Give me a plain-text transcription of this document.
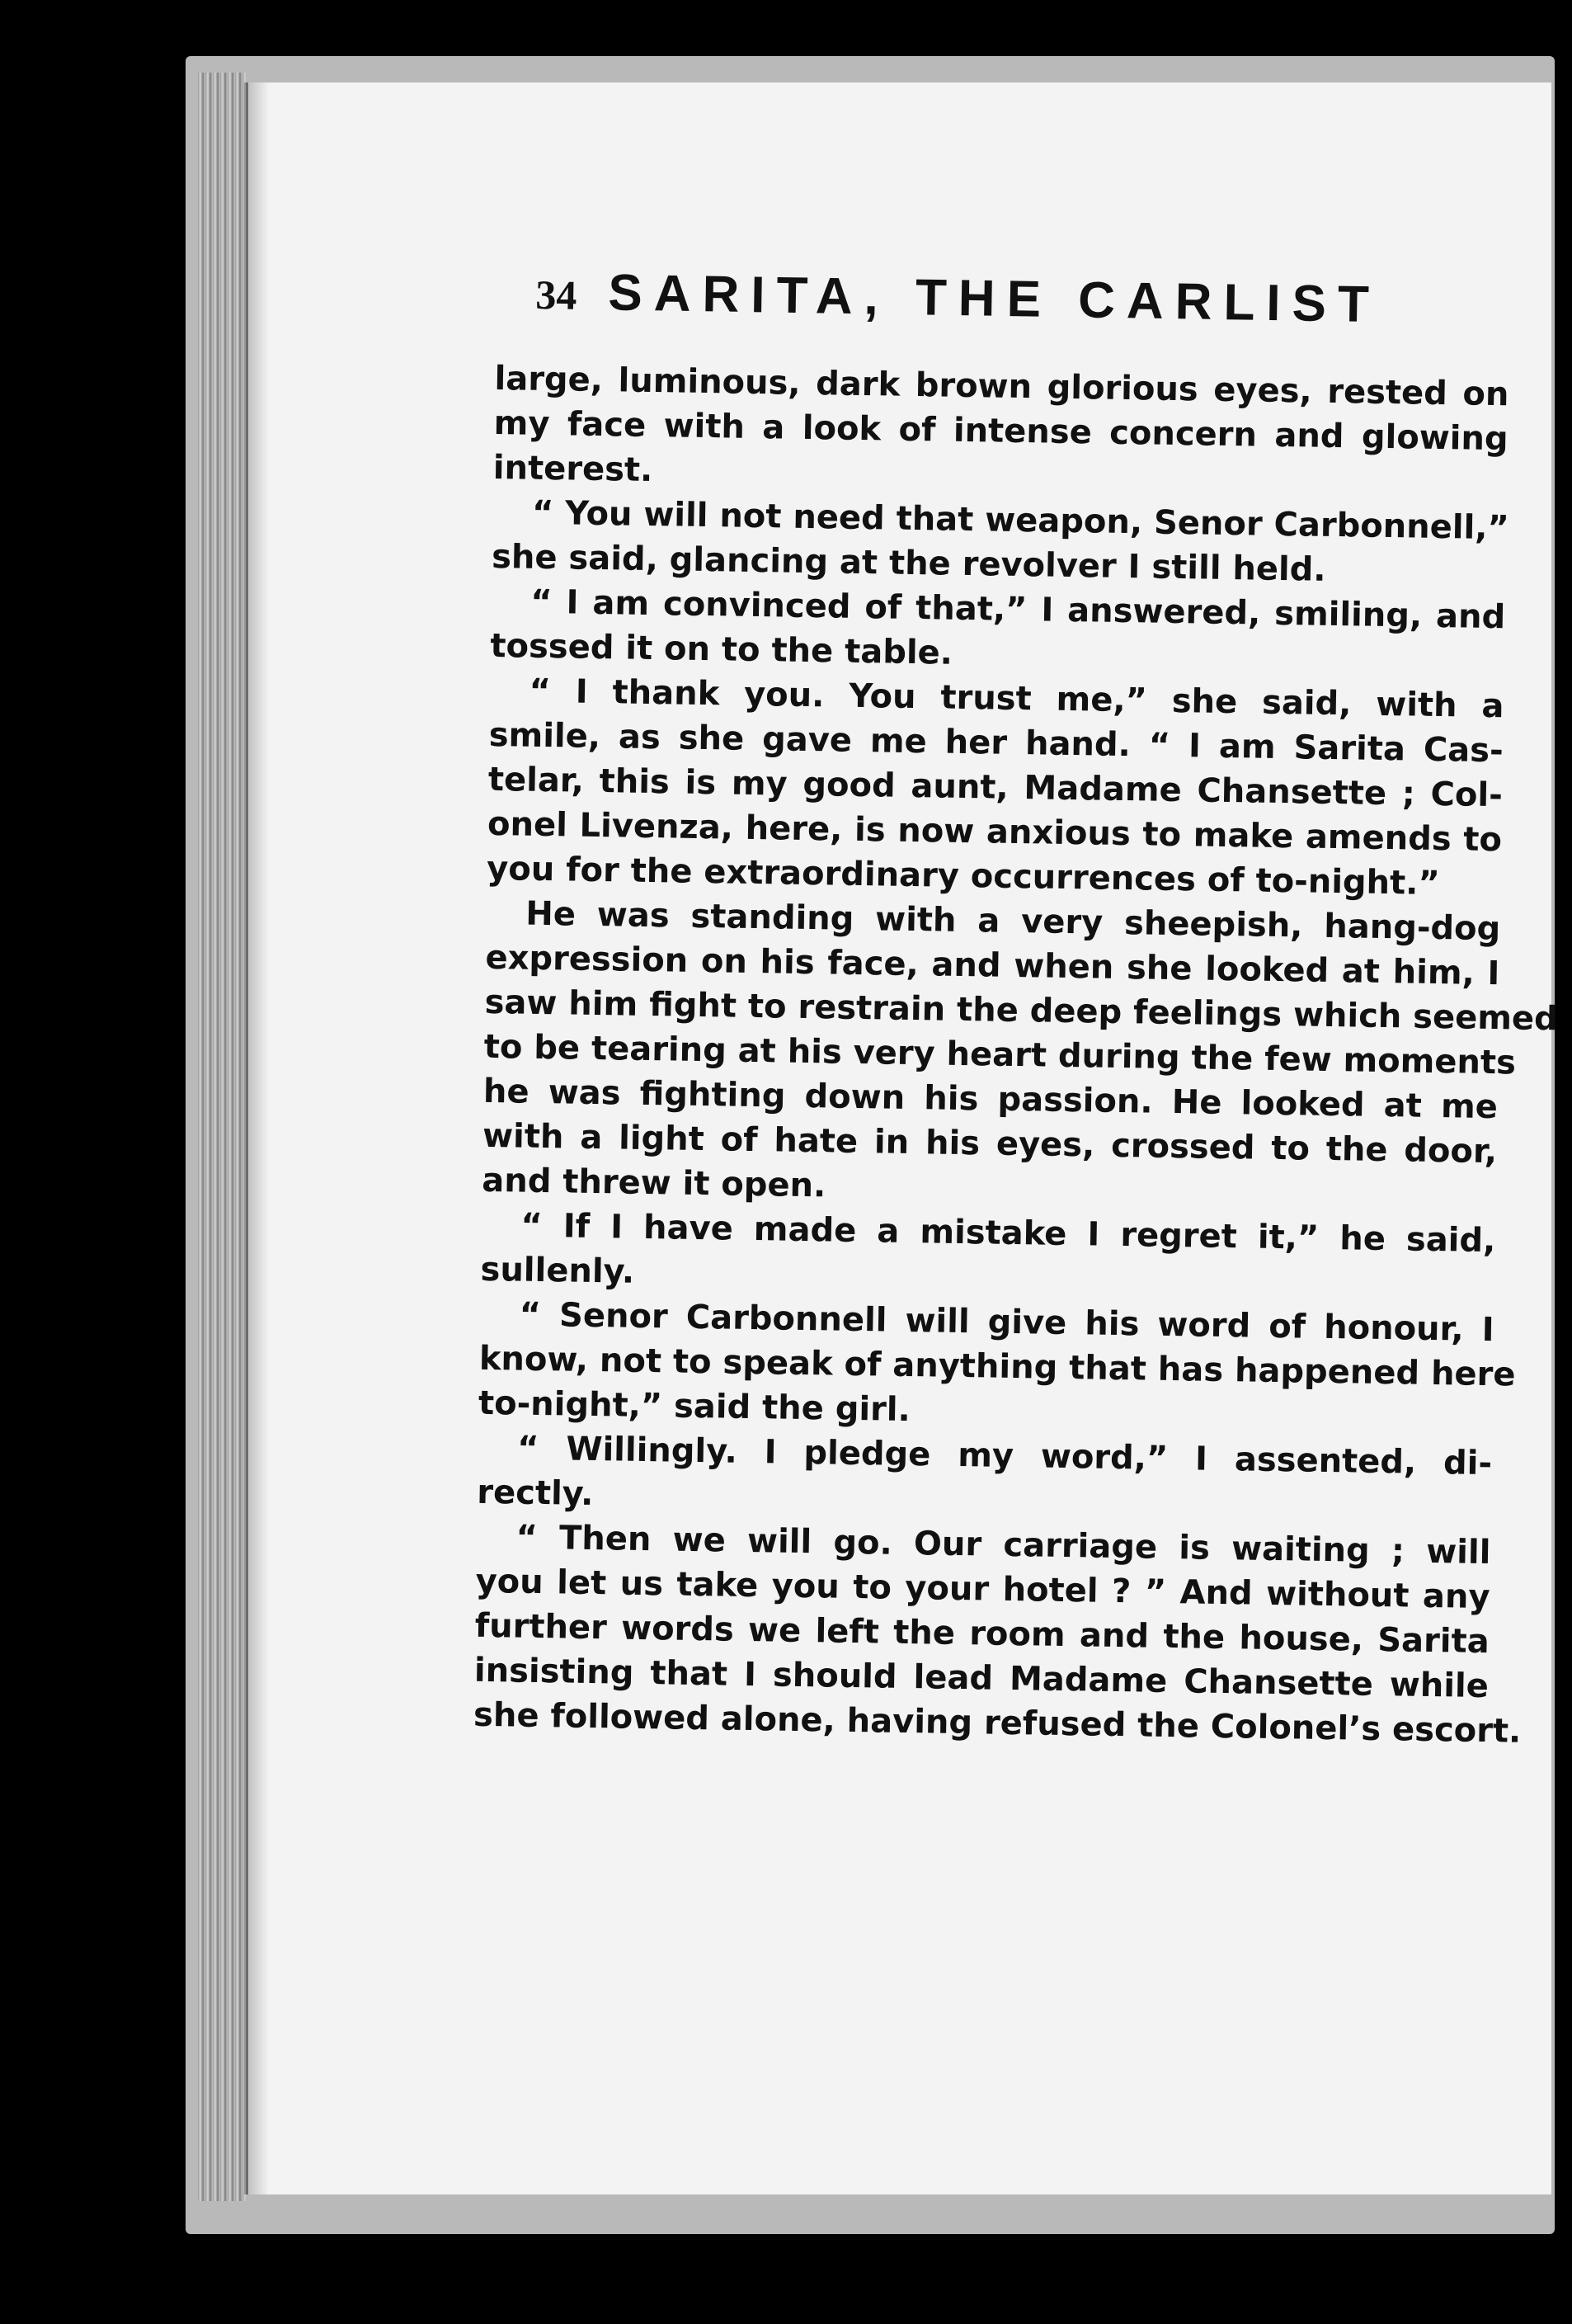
34 SARITA, THE CARLIST
large, luminous, dark brown glorious eyes, rested on
my face with a look of intense concern and glowing
interest.
“ You will not need that weapon, Senor Carbonnell,”
she said, glancing at the revolver I still held.
“ I am convinced of that,” I answered, smiling, and
tossed it on to the table.
“ I thank you. You trust me,” she said, with a
smile, as she gave me her hand. “ I am Sarita Cas-
telar, this is my good aunt, Madame Chansette ; Col-
onel Livenza, here, is now anxious to make amends to
you for the extraordinary occurrences of to-night.”
He was standing with a very sheepish, hang-dog
expression on his face, and when she looked at him, I
saw him fight to restrain the deep feelings which seemed
to be tearing at his very heart during the few moments
he was fighting down his passion. He looked at me
with a light of hate in his eyes, crossed to the door,
and threw it open.
“ If I have made a mistake I regret it,” he said,
sullenly.
“ Senor Carbonnell will give his word of honour, I
know, not to speak of anything that has happened here
to-night,” said the girl.
“ Willingly. I pledge my word,” I assented, di-
rectly.
“ Then we will go. Our carriage is waiting ; will
you let us take you to your hotel ? ” And without any
further words we left the room and the house, Sarita
insisting that I should lead Madame Chansette while
she followed alone, having refused the Colonel’s escort.
